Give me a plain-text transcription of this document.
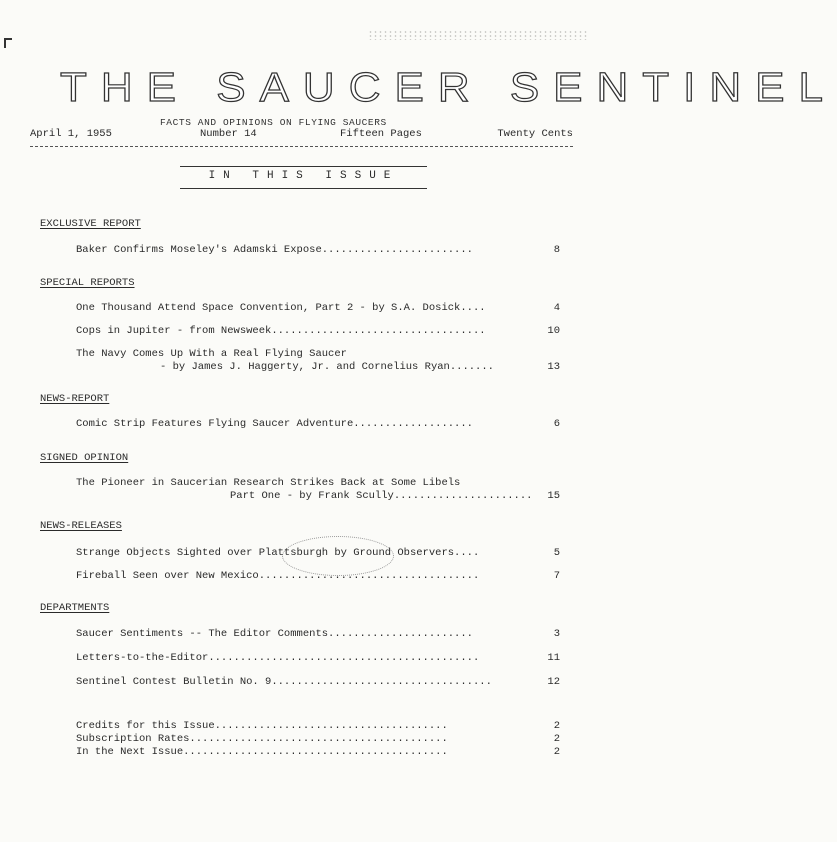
THE SAUCER SENTINEL
FACTS AND OPINIONS ON FLYING SAUCERS
April 1, 1955	Number 14	Fifteen Pages	Twenty Cents
IN THIS ISSUE
EXCLUSIVE REPORT
Baker Confirms Moseley's Adamski Expose........................	8
SPECIAL REPORTS
One Thousand Attend Space Convention, Part 2 - by S.A. Dosick....	4
Cops in Jupiter - from Newsweek..................................	10
The Navy Comes Up With a Real Flying Saucer
- by James J. Haggerty, Jr. and Cornelius Ryan.......	13
NEWS-REPORT
Comic Strip Features Flying Saucer Adventure...................	6
SIGNED OPINION
The Pioneer in Saucerian Research Strikes Back at Some Libels
Part One - by Frank Scully......................	15
NEWS-RELEASES
Strange Objects Sighted over Plattsburgh by Ground Observers....	5
Fireball Seen over New Mexico...................................	7
DEPARTMENTS
Saucer Sentiments -- The Editor Comments.......................	3
Letters-to-the-Editor...........................................	11
Sentinel Contest Bulletin No. 9...................................	12
Credits for this Issue.....................................	2
Subscription Rates.........................................	2
In the Next Issue..........................................	2
